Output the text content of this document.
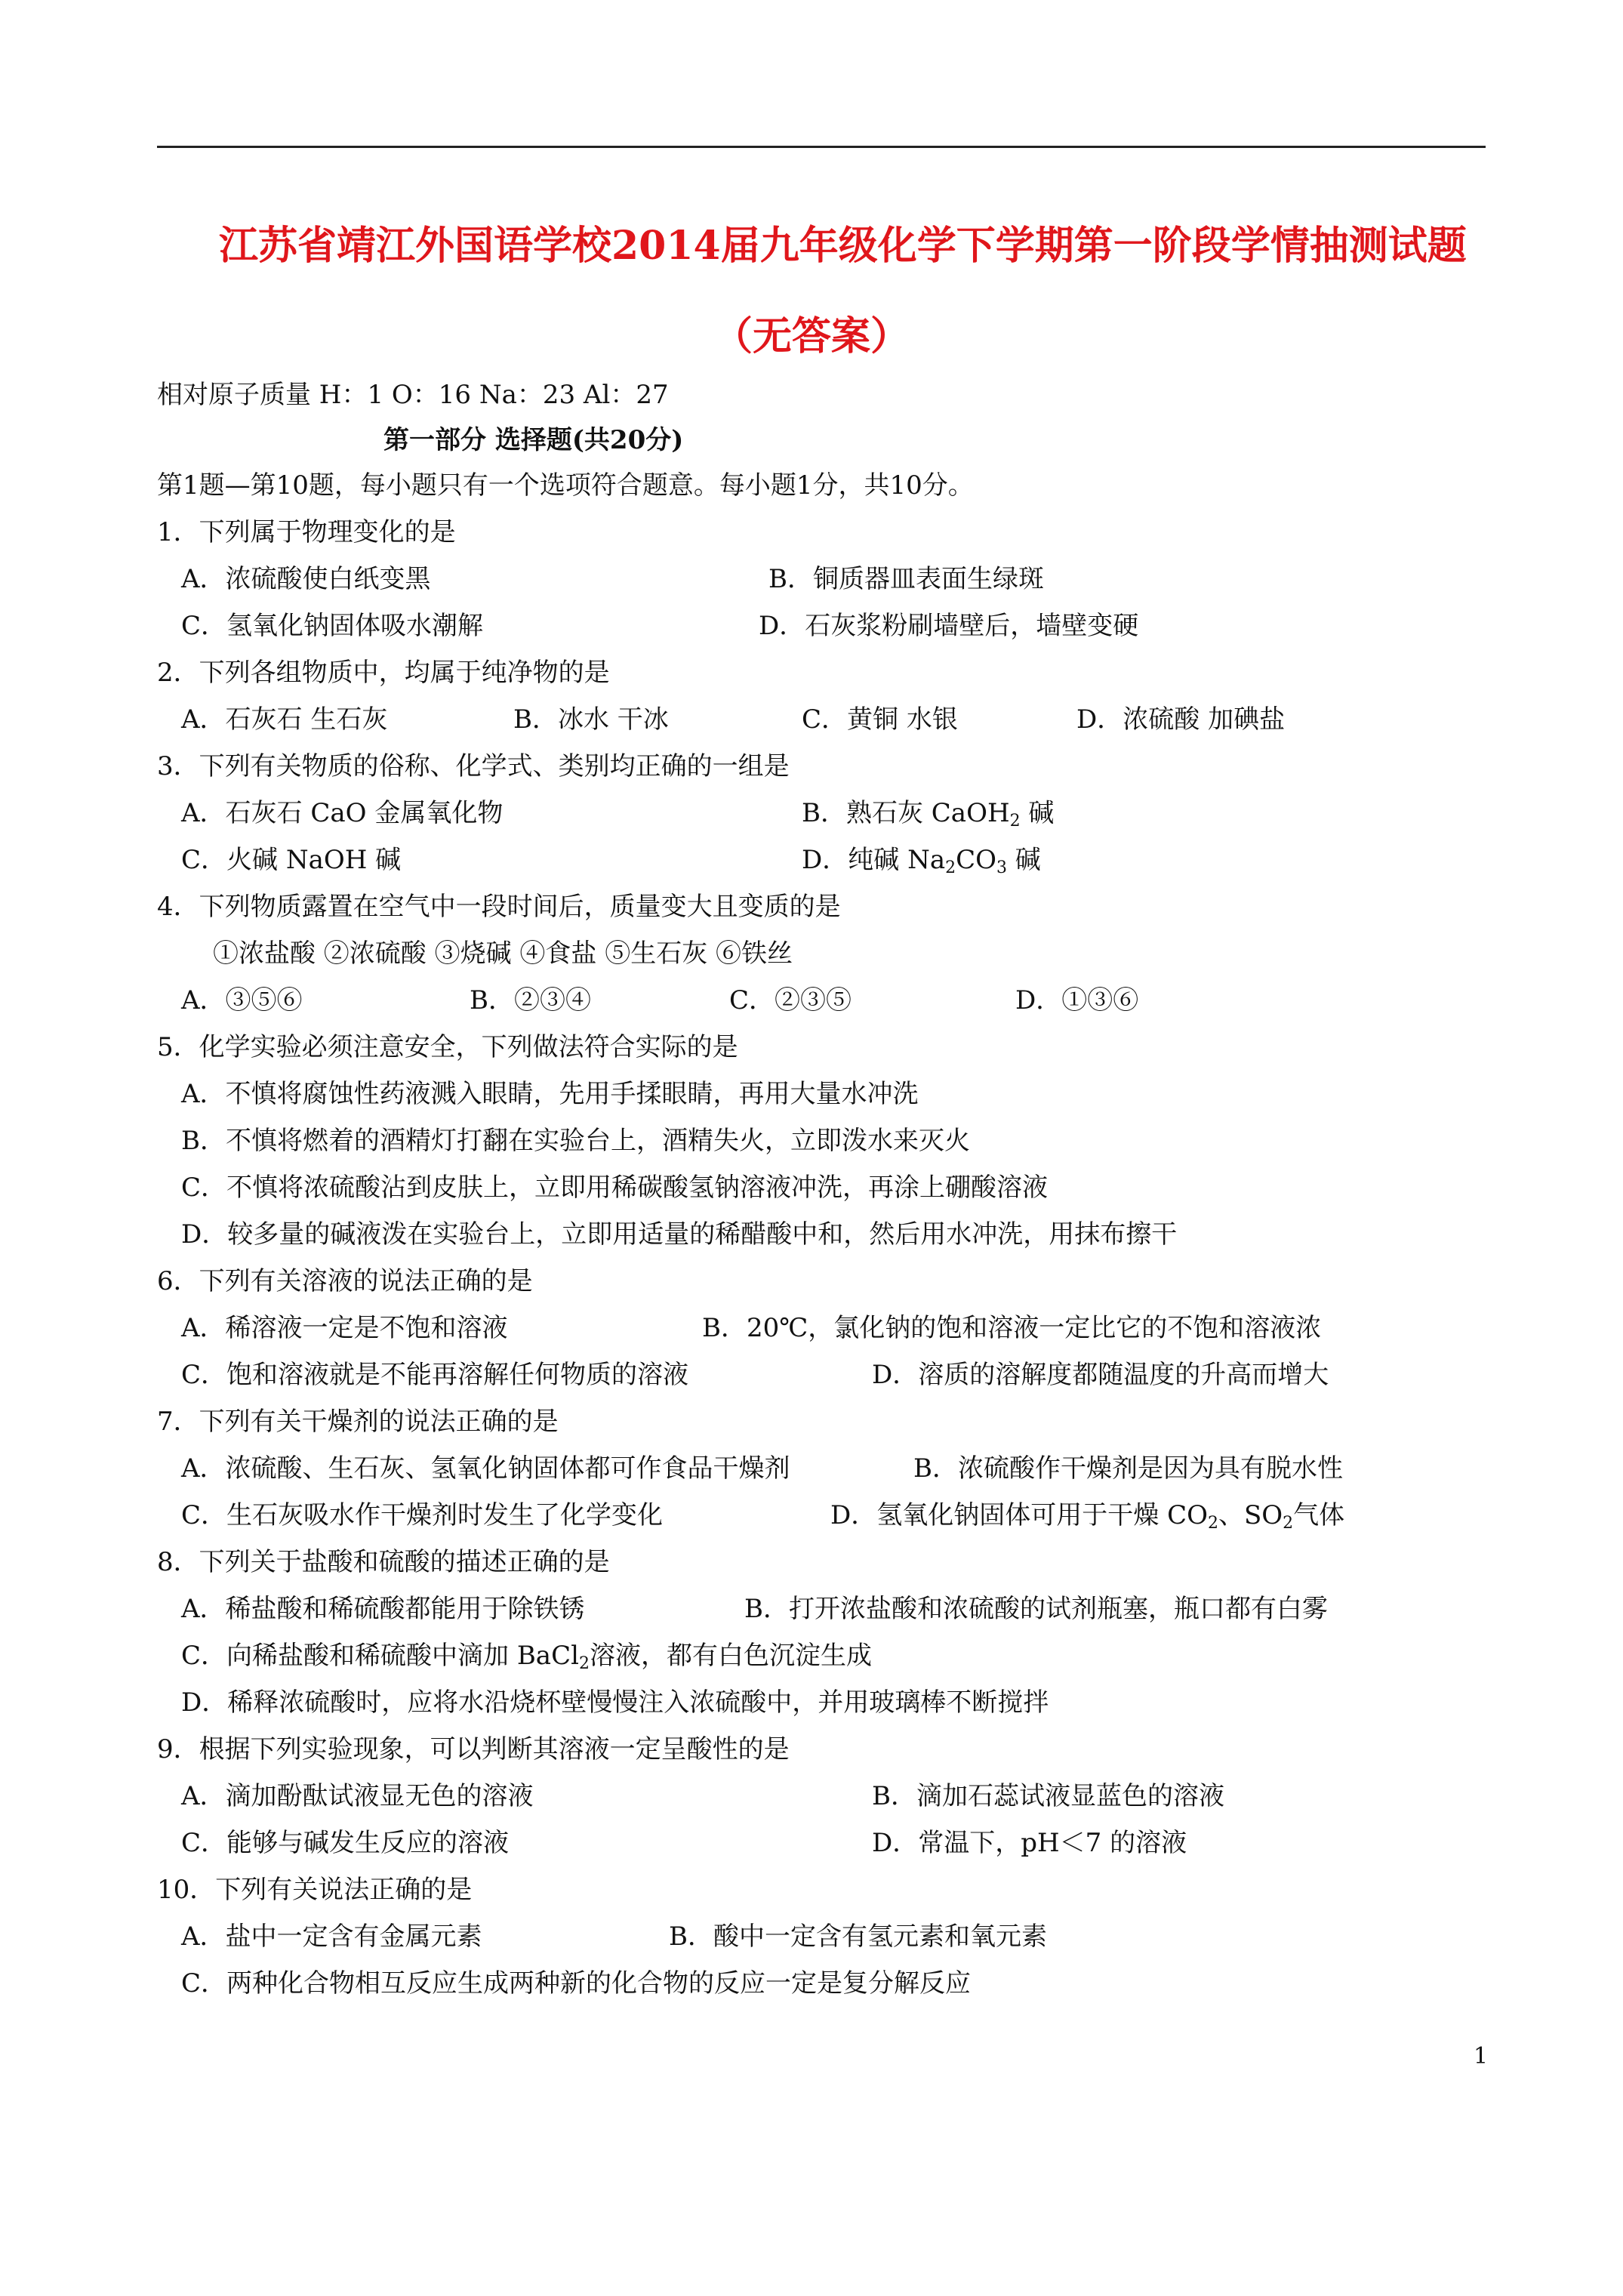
江苏省靖江外国语学校2014届九年级化学下学期第一阶段学情抽测试题
（无答案）
相对原子质量 H：1 O：16 Na：23 Al：27
第一部分 选择题(共20分)
第1题—第10题，每小题只有一个选项符合题意。每小题1分，共10分。
1．下列属于物理变化的是
A．浓硫酸使白纸变黑	B．铜质器皿表面生绿斑
C．氢氧化钠固体吸水潮解	D．石灰浆粉刷墙壁后，墙壁变硬
2．下列各组物质中，均属于纯净物的是
A．石灰石 生石灰	B．冰水 干冰	C．黄铜 水银	D．浓硫酸 加碘盐
3．下列有关物质的俗称、化学式、类别均正确的一组是
A．石灰石 CaO 金属氧化物	B．熟石灰 CaOH$_2$ 碱
C．火碱 NaOH 碱	D．纯碱 $Na_2CO_3$ 碱
4．下列物质露置在空气中一段时间后，质量变大且变质的是
①浓盐酸 ②浓硫酸 ③烧碱 ④食盐 ⑤生石灰 ⑥铁丝
A．③⑤⑥	B．②③④	C．②③⑤	D．①③⑥
5．化学实验必须注意安全，下列做法符合实际的是
A．不慎将腐蚀性药液溅入眼睛，先用手揉眼睛，再用大量水冲洗
B．不慎将燃着的酒精灯打翻在实验台上，酒精失火，立即泼水来灭火
C．不慎将浓硫酸沾到皮肤上，立即用稀碳酸氢钠溶液冲洗，再涂上硼酸溶液
D．较多量的碱液泼在实验台上，立即用适量的稀醋酸中和，然后用水冲洗，用抹布擦干
6．下列有关溶液的说法正确的是
A．稀溶液一定是不饱和溶液	B．20℃，氯化钠的饱和溶液一定比它的不饱和溶液浓
C．饱和溶液就是不能再溶解任何物质的溶液	D．溶质的溶解度都随温度的升高而增大
7．下列有关干燥剂的说法正确的是
A．浓硫酸、生石灰、氢氧化钠固体都可作食品干燥剂	B．浓硫酸作干燥剂是因为具有脱水性
C．生石灰吸水作干燥剂时发生了化学变化	D．氢氧化钠固体可用于干燥 $CO_2$、$SO_2$气体
8．下列关于盐酸和硫酸的描述正确的是
A．稀盐酸和稀硫酸都能用于除铁锈	B．打开浓盐酸和浓硫酸的试剂瓶塞，瓶口都有白雾
C．向稀盐酸和稀硫酸中滴加 BaCl$_2$溶液，都有白色沉淀生成
D．稀释浓硫酸时，应将水沿烧杯壁慢慢注入浓硫酸中，并用玻璃棒不断搅拌
9．根据下列实验现象，可以判断其溶液一定呈酸性的是
A．滴加酚酞试液显无色的溶液	B．滴加石蕊试液显蓝色的溶液
C．能够与碱发生反应的溶液	D．常温下，pH＜7 的溶液
10．下列有关说法正确的是
A．盐中一定含有金属元素	B．酸中一定含有氢元素和氧元素
C．两种化合物相互反应生成两种新的化合物的反应一定是复分解反应
1
